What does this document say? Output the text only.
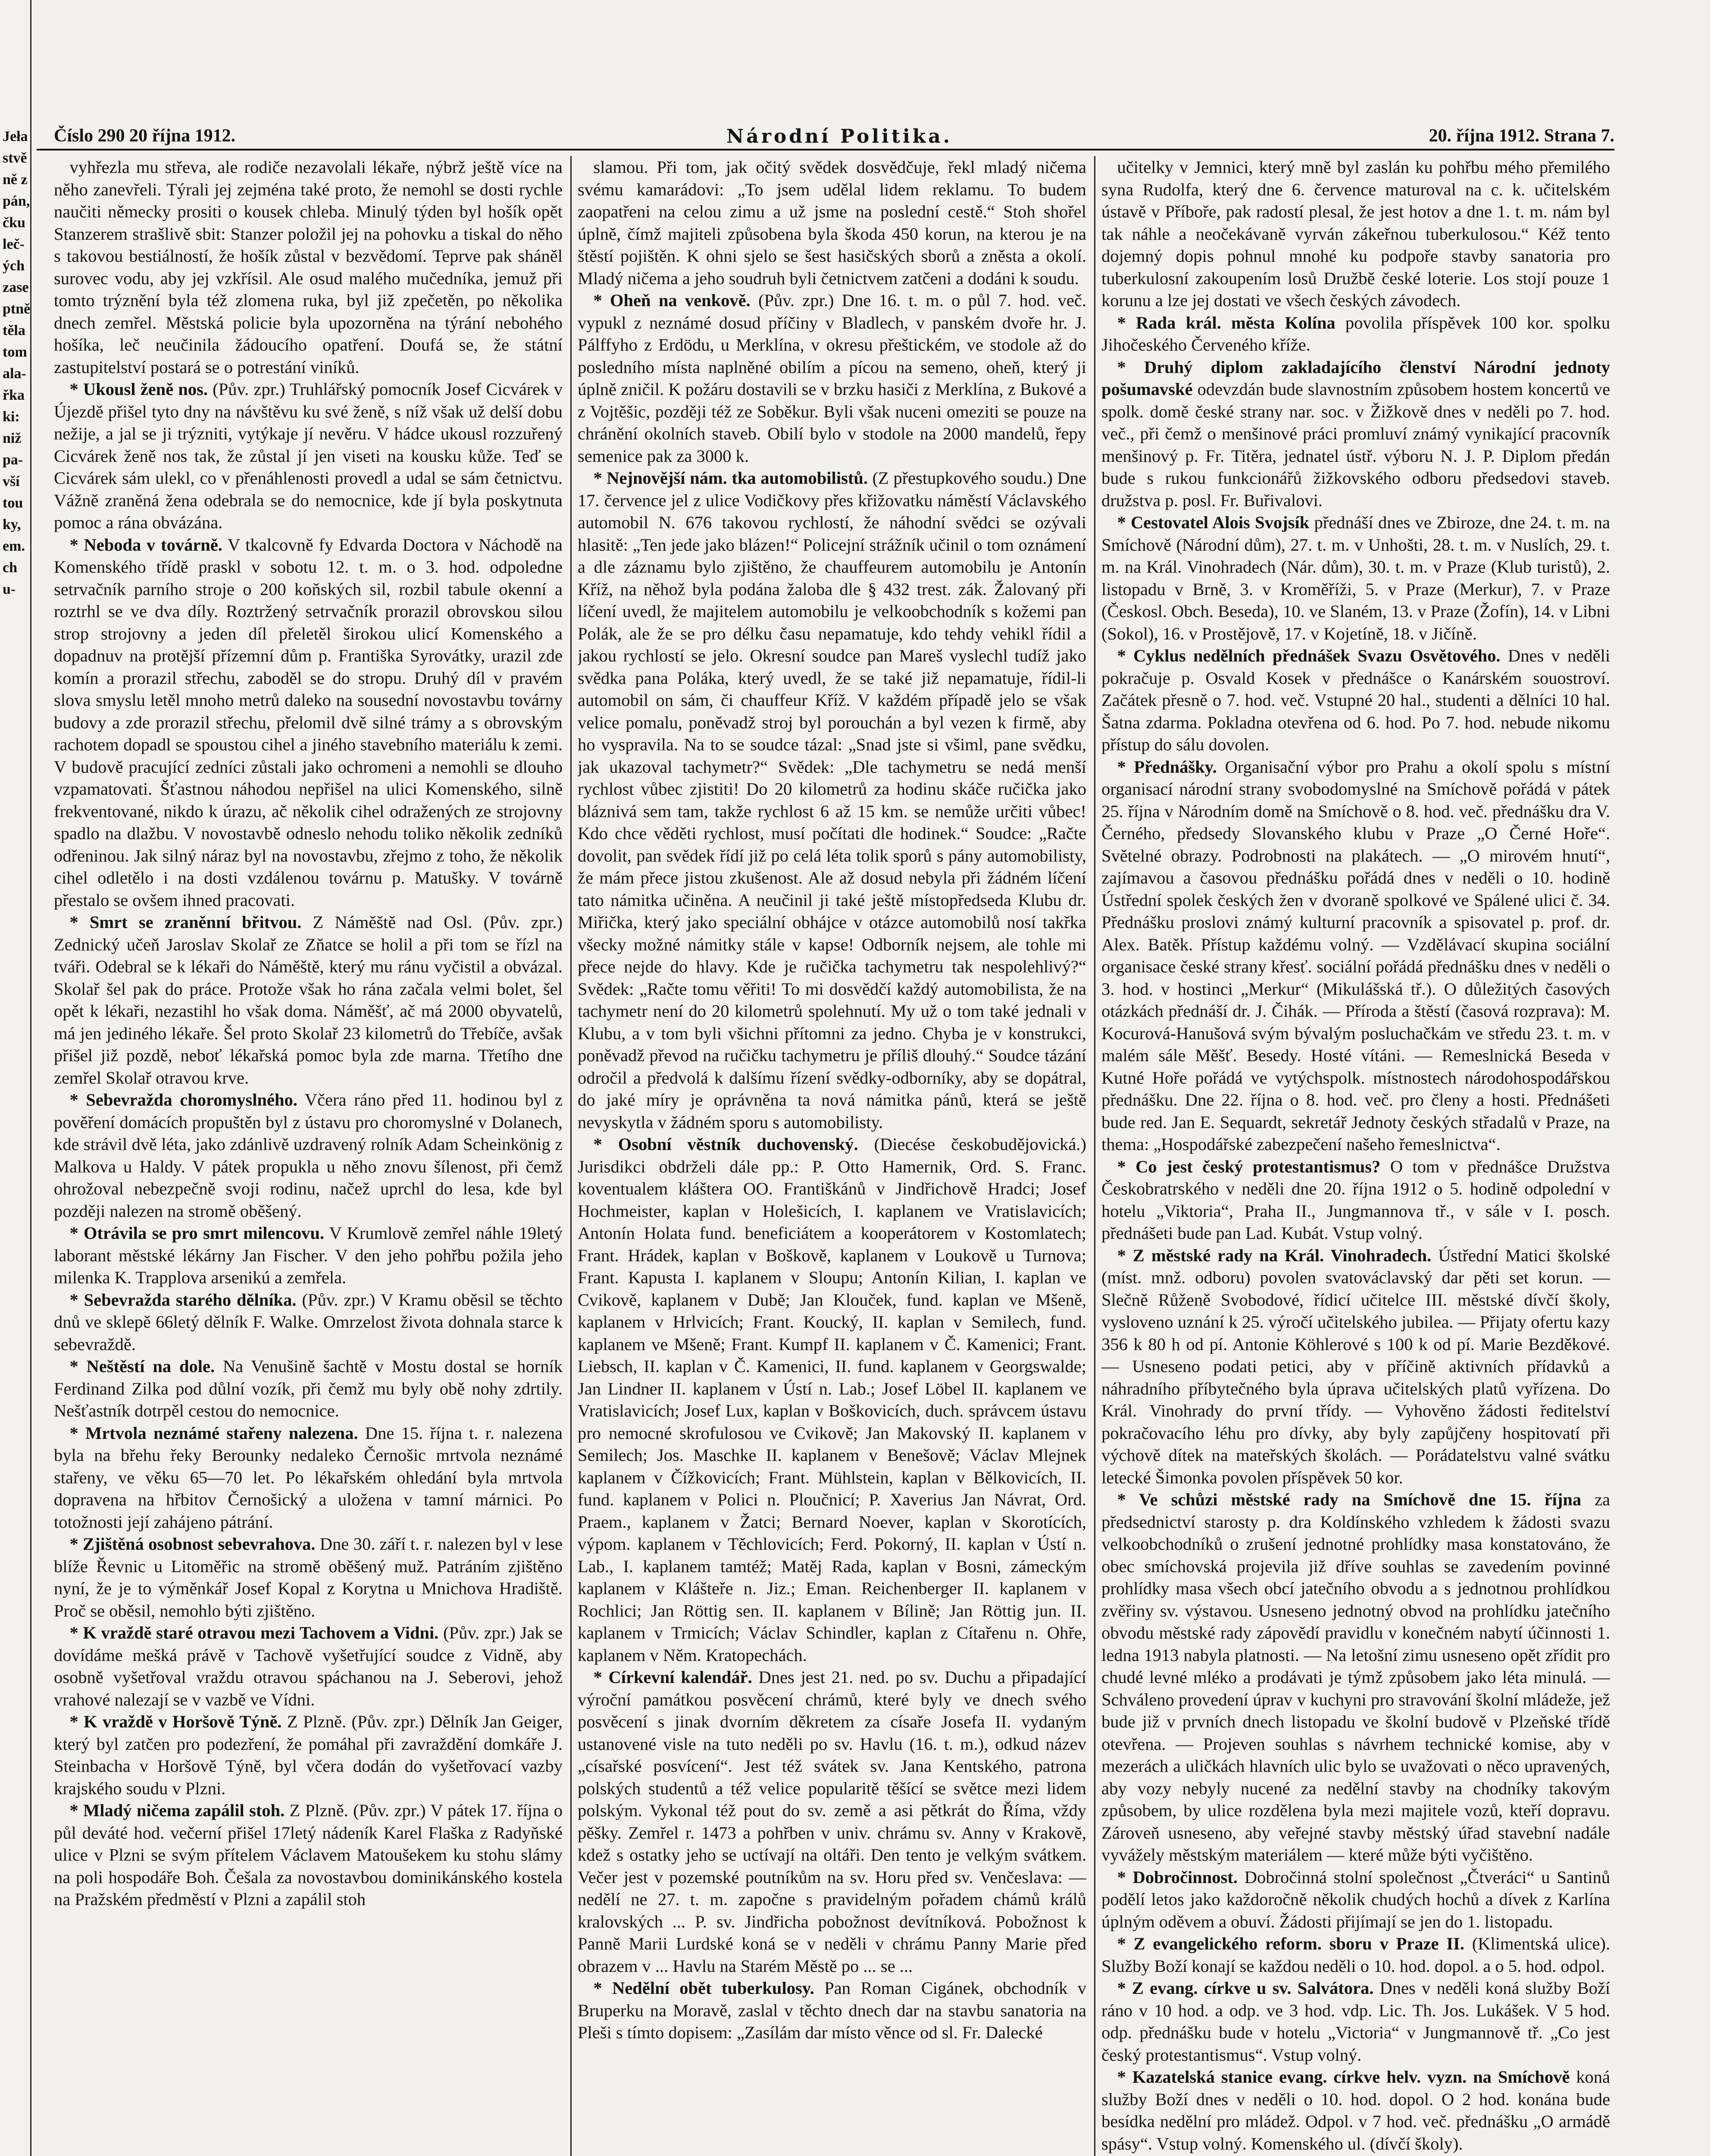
Jeła
stvě
ně z
pán,
čku
leč-
ých
zase
ptně
těla
tom
ala-
řka
ki:
niž
pa-
vší
tou
ky,
em.
ch
u-
Číslo 290 20 října 1912.	Národní Politika.	20. října 1912. Strana 7.

vyhřezla mu střeva, ale rodiče nezavolali lékaře, nýbrž ještě více na něho zanevřeli. Týrali jej zejména také proto, že nemohl se dosti rychle naučiti německy prositi o kousek chleba. Minulý týden byl hošík opět Stanzerem strašlivě sbit: Stanzer položil jej na pohovku a tiskal do něho s takovou bestiálností, že hošík zůstal v bezvědomí. Teprve pak sháněl surovec vodu, aby jej vzkřísil. Ale osud malého mučedníka, jemuž při tomto trýznění byla též zlomena ruka, byl již zpečetěn, po několika dnech zemřel. Městská policie byla upozorněna na týrání nebohého hošíka, leč neučinila žádoucího opatření. Doufá se, že státní zastupitelství postará se o potrestání viníků.

* Ukousl ženě nos. (Pův. zpr.) Truhlářský pomocník Josef Cicvárek v Újezdě přišel tyto dny na návštěvu ku své ženě, s níž však už delší dobu nežije, a jal se ji trýzniti, vytýkaje jí nevěru. V hádce ukousl rozzuřený Cicvárek ženě nos tak, že zůstal jí jen viseti na kousku kůže. Teď se Cicvárek sám ulekl, co v přenáhlenosti provedl a udal se sám četnictvu. Vážně zraněná žena odebrala se do nemocnice, kde jí byla poskytnuta pomoc a rána obvázána.

* Neboda v továrně. V tkalcovně fy Edvarda Doctora v Náchodě na Komenského třídě praskl v sobotu 12. t. m. o 3. hod. odpoledne setrvačník parního stroje o 200 koňských sil, rozbil tabule okenní a roztrhl se ve dva díly. Roztržený setrvačník prorazil obrovskou silou strop strojovny a jeden díl přeletěl širokou ulicí Komenského a dopadnuv na protější přízemní dům p. Františka Syrovátky, urazil zde komín a prorazil střechu, zaboděl se do stropu. Druhý díl v pravém slova smyslu letěl mnoho metrů daleko na sousední novostavbu továrny budovy a zde prorazil střechu, přelomil dvě silné trámy a s obrovským rachotem dopadl se spoustou cihel a jiného stavebního materiálu k zemi. V budově pracující zedníci zůstali jako ochromeni a nemohli se dlouho vzpamatovati. Šťastnou náhodou nepřišel na ulici Komenského, silně frekventované, nikdo k úrazu, ač několik cihel odražených ze strojovny spadlo na dlažbu. V novostavbě odneslo nehodu toliko několik zedníků odřeninou. Jak silný náraz byl na novostavbu, zřejmo z toho, že několik cihel odletělo i na dosti vzdálenou továrnu p. Matušky. V továrně přestalo se ovšem ihned pracovati.

* Smrt se zraněnní břitvou. Z Náměště nad Osl. (Pův. zpr.) Zednický učeň Jaroslav Skolař ze Zňatce se holil a při tom se řízl na tváři. Odebral se k lékaři do Náměště, který mu ránu vyčistil a obvázal. Skolař šel pak do práce. Protože však ho rána začala velmi bolet, šel opět k lékaři, nezastihl ho však doma. Náměšť, ač má 2000 obyvatelů, má jen jediného lékaře. Šel proto Skolař 23 kilometrů do Třebíče, avšak přišel již pozdě, neboť lékařská pomoc byla zde marna. Třetího dne zemřel Skolař otravou krve.

* Sebevražda choromyslného. Včera ráno před 11. hodinou byl z pověření domácích propuštěn byl z ústavu pro choromyslné v Dolanech, kde strávil dvě léta, jako zdánlivě uzdravený rolník Adam Scheinkönig z Malkova u Haldy. V pátek propukla u něho znovu šílenost, při čemž ohrožoval nebezpečně svoji rodinu, načež uprchl do lesa, kde byl později nalezen na stromě oběšený.

* Otrávila se pro smrt milencovu. V Krumlově zemřel náhle 19letý laborant městské lékárny Jan Fischer. V den jeho pohřbu požila jeho milenka K. Trapplova arsenikú a zemřela.

* Sebevražda starého dělníka. (Pův. zpr.) V Kramu oběsil se těchto dnů ve sklepě 66letý dělník F. Walke. Omrzelost života dohnala starce k sebevraždě.

* Neštěstí na dole. Na Venušině šachtě v Mostu dostal se horník Ferdinand Zilka pod důlní vozík, při čemž mu byly obě nohy zdrtily. Nešťastník dotrpěl cestou do nemocnice.

* Mrtvola neznámé stařeny nalezena. Dne 15. října t. r. nalezena byla na břehu řeky Berounky nedaleko Černošic mrtvola neznámé stařeny, ve věku 65—70 let. Po lékařském ohledání byla mrtvola dopravena na hřbitov Černošický a uložena v tamní márnici. Po totožnosti její zahájeno pátrání.

* Zjištěná osobnost sebevrahova. Dne 30. září t. r. nalezen byl v lese blíže Řevnic u Litoměřic na stromě oběšený muž. Patráním zjištěno nyní, že je to výměnkář Josef Kopal z Korytna u Mnichova Hradiště. Proč se oběsil, nemohlo býti zjištěno.

* K vraždě staré otravou mezi Tachovem a Vidni. (Pův. zpr.) Jak se dovídáme mešká právě v Tachově vyšetřující soudce z Vidně, aby osobně vyšetřoval vraždu otravou spáchanou na J. Seberovi, jehož vrahové nalezají se v vazbě ve Vídni.

* K vraždě v Horšově Týně. Z Plzně. (Pův. zpr.) Dělník Jan Geiger, který byl zatčen pro podezření, že pomáhal při zavraždění domkáře J. Steinbacha v Horšově Týně, byl včera dodán do vyšetřovací vazby krajského soudu v Plzni.

* Mladý ničema zapálil stoh. Z Plzně. (Pův. zpr.) V pátek 17. října o půl deváté hod. večerní přišel 17letý nádeník Karel Flaška z Radyňské ulice v Plzni se svým přítelem Václavem Matoušekem ku stohu slámy na poli hospodáře Boh. Češala za novostavbou dominikánského kostela na Pražském předměstí v Plzni a zapálil stoh

slamou. Při tom, jak očitý svědek dosvědčuje, řekl mladý ničema svému kamarádovi: „To jsem udělal lidem reklamu. To budem zaopatřeni na celou zimu a už jsme na poslední cestě.“ Stoh shořel úplně, čímž majiteli způsobena byla škoda 450 korun, na kterou je na štěstí pojištěn. K ohni sjelo se šest hasičských sborů a zněsta a okolí. Mladý ničema a jeho soudruh byli četnictvem zatčeni a dodáni k soudu.

* Oheň na venkově. (Pův. zpr.) Dne 16. t. m. o půl 7. hod. več. vypukl z neznámé dosud příčiny v Bladlech, v panském dvoře hr. J. Pálffyho z Erdödu, u Merklína, v okresu přeštickém, ve stodole až do posledního místa naplněné obilím a pícou na semeno, oheň, který ji úplně zničil. K požáru dostavili se v brzku hasiči z Merklína, z Bukové a z Vojtěšic, později též ze Soběkur. Byli však nuceni omeziti se pouze na chránění okolních staveb. Obilí bylo v stodole na 2000 mandelů, řepy semenice pak za 3000 k.

* Nejnovější nám. tka automobilistů. (Z přestupkového soudu.) Dne 17. července jel z ulice Vodičkovy přes křižovatku náměstí Václavského automobil N. 676 takovou rychlostí, že náhodní svědci se ozývali hlasitě: „Ten jede jako blázen!“ Policejní strážník učinil o tom oznámení a dle záznamu bylo zjištěno, že chauffeurem automobilu je Antonín Kříž, na něhož byla podána žaloba dle § 432 trest. zák. Žalovaný při líčení uvedl, že majitelem automobilu je velkoobchodník s kožemi pan Polák, ale že se pro délku času nepamatuje, kdo tehdy vehikl řídil a jakou rychlostí se jelo. Okresní soudce pan Mareš vyslechl tudíž jako svědka pana Poláka, který uvedl, že se také již nepamatuje, řídil-li automobil on sám, či chauffeur Kříž. V každém případě jelo se však velice pomalu, poněvadž stroj byl porouchán a byl vezen k firmě, aby ho vyspravila. Na to se soudce tázal: „Snad jste si všiml, pane svědku, jak ukazoval tachymetr?“ Svědek: „Dle tachymetru se nedá menší rychlost vůbec zjistiti! Do 20 kilometrů za hodinu skáče ručička jako bláznivá sem tam, takže rychlost 6 až 15 km. se nemůže určiti vůbec! Kdo chce věděti rychlost, musí počítati dle hodinek.“ Soudce: „Račte dovolit, pan svědek řídí již po celá léta tolik sporů s pány automobilisty, že mám přece jistou zkušenost. Ale až dosud nebyla při žádném líčení tato námitka učiněna. A neučinil ji také ještě místopředseda Klubu dr. Miřička, který jako speciální obhájce v otázce automobilů nosí takřka všecky možné námitky stále v kapse! Odborník nejsem, ale tohle mi přece nejde do hlavy. Kde je ručička tachymetru tak nespolehlivý?“ Svědek: „Račte tomu věřiti! To mi dosvědčí každý automobilista, že na tachymetr není do 20 kilometrů spolehnutí. My už o tom také jednali v Klubu, a v tom byli všichni přítomni za jedno. Chyba je v konstrukci, poněvadž převod na ručičku tachymetru je příliš dlouhý.“ Soudce tázání odročil a předvolá k dalšímu řízení svědky-odborníky, aby se dopátral, do jaké míry je oprávněna ta nová námitka pánů, která se ještě nevyskytla v žádném sporu s automobilisty.

* Osobní věstník duchovenský. (Diecése českobudějovická.) Jurisdikci obdrželi dále pp.: P. Otto Hamernik, Ord. S. Franc. koventualem kláštera OO. Františkánů v Jindřichově Hradci; Josef Hochmeister, kaplan v Holešicích, I. kaplanem ve Vratislavicích; Antonín Holata fund. beneficiátem a kooperátorem v Kostomlatech; Frant. Hrádek, kaplan v Boškově, kaplanem v Loukově u Turnova; Frant. Kapusta I. kaplanem v Sloupu; Antonín Kilian, I. kaplan ve Cvikově, kaplanem v Dubě; Jan Klouček, fund. kaplan ve Mšeně, kaplanem v Hrlvicích; Frant. Koucký, II. kaplan v Semilech, fund. kaplanem ve Mšeně; Frant. Kumpf II. kaplanem v Č. Kamenici; Frant. Liebsch, II. kaplan v Č. Kamenici, II. fund. kaplanem v Georgswalde; Jan Lindner II. kaplanem v Ústí n. Lab.; Josef Löbel II. kaplanem ve Vratislavicích; Josef Lux, kaplan v Boškovicích, duch. správcem ústavu pro nemocné skrofulosou ve Cvikově; Jan Makovský II. kaplanem v Semilech; Jos. Maschke II. kaplanem v Benešově; Václav Mlejnek kaplanem v Čížkovicích; Frant. Mühlstein, kaplan v Bělkovicích, II. fund. kaplanem v Polici n. Ploučnicí; P. Xaverius Jan Návrat, Ord. Praem., kaplanem v Žatci; Bernard Noever, kaplan v Skorotících, výpom. kaplanem v Těchlovicích; Ferd. Pokorný, II. kaplan v Ústí n. Lab., I. kaplanem tamtéž; Matěj Rada, kaplan v Bosni, zámeckým kaplanem v Klášteře n. Jiz.; Eman. Reichenberger II. kaplanem v Rochlici; Jan Röttig sen. II. kaplanem v Bílině; Jan Röttig jun. II. kaplanem v Trmicích; Václav Schindler, kaplan z Cítařenu n. Ohře, kaplanem v Něm. Kratopechách.

* Církevní kalendář. Dnes jest 21. ned. po sv. Duchu a připadající výroční památkou posvěcení chrámů, které byly ve dnech svého posvěcení s jinak dvorním děkretem za císaře Josefa II. vydaným ustanovené visle na tuto neděli po sv. Havlu (16. t. m.), odkud název „císařské posvícení“. Jest též svátek sv. Jana Kentského, patrona polských studentů a též velice popularitě těšící se světce mezi lidem polským. Vykonal též pout do sv. země a asi pětkrát do Říma, vždy pěšky. Zemřel r. 1473 a pohřben v univ. chrámu sv. Anny v Krakově, kdež s ostatky jeho se uctívají na oltáři. Den tento je velkým svátkem. Večer jest v pozemské poutníkům na sv. Horu před sv. Venčeslava: — nedělí ne 27. t. m. započne s pravidelným pořadem chámů králů kralovských ... P. sv. Jindřicha pobožnost devítníková. Pobožnost k Panně Marii Lurdské koná se v neděli v chrámu Panny Marie před obrazem v ... Havlu na Starém Městě po ... se ...

* Nedělní obět tuberkulosy. Pan Roman Cigánek, obchodník v Bruperku na Moravě, zaslal v těchto dnech dar na stavbu sanatoria na Pleši s tímto dopisem: „Zasílám dar místo věnce od sl. Fr. Dalecké

učitelky v Jemnici, který mně byl zaslán ku pohřbu mého přemilého syna Rudolfa, který dne 6. července maturoval na c. k. učitelském ústavě v Příboře, pak radostí plesal, že jest hotov a dne 1. t. m. nám byl tak náhle a neočekávaně vyrván zákeřnou tuberkulosou.“ Kéž tento dojemný dopis pohnul mnohé ku podpoře stavby sanatoria pro tuberkulosní zakoupením losů Družbě české loterie. Los stojí pouze 1 korunu a lze jej dostati ve všech českých závodech.

* Rada král. města Kolína povolila příspěvek 100 kor. spolku Jihočeského Červeného kříže.

* Druhý diplom zakladajícího členství Národní jednoty pošumavské odevzdán bude slavnostním způsobem hostem koncertů ve spolk. domě české strany nar. soc. v Žižkově dnes v neděli po 7. hod. več., při čemž o menšinové práci promluví známý vynikající pracovník menšinový p. Fr. Titěra, jednatel ústř. výboru N. J. P. Diplom předán bude s rukou funkcionářů žižkovského odboru předsedovi staveb. družstva p. posl. Fr. Buřivalovi.

* Cestovatel Alois Svojsík přednáší dnes ve Zbiroze, dne 24. t. m. na Smíchově (Národní dům), 27. t. m. v Unhošti, 28. t. m. v Nuslích, 29. t. m. na Král. Vinohradech (Nár. dům), 30. t. m. v Praze (Klub turistů), 2. listopadu v Brně, 3. v Kroměříži, 5. v Praze (Merkur), 7. v Praze (Českosl. Obch. Beseda), 10. ve Slaném, 13. v Praze (Žofín), 14. v Libni (Sokol), 16. v Prostějově, 17. v Kojetíně, 18. v Jičíně.

* Cyklus nedělních přednášek Svazu Osvětového. Dnes v neděli pokračuje p. Osvald Kosek v přednášce o Kanárském souostroví. Začátek přesně o 7. hod. več. Vstupné 20 hal., studenti a dělníci 10 hal. Šatna zdarma. Pokladna otevřena od 6. hod. Po 7. hod. nebude nikomu přístup do sálu dovolen.

* Přednášky. Organisační výbor pro Prahu a okolí spolu s místní organisací národní strany svobodomyslné na Smíchově pořádá v pátek 25. října v Národním domě na Smíchově o 8. hod. več. přednášku dra V. Černého, předsedy Slovanského klubu v Praze „O Černé Hoře“. Světelné obrazy. Podrobnosti na plakátech. — „O mirovém hnutí“, zajímavou a časovou přednášku pořádá dnes v neděli o 10. hodině Ústřední spolek českých žen v dvoraně spolkové ve Spálené ulici č. 34. Přednášku proslovi známý kulturní pracovník a spisovatel p. prof. dr. Alex. Batěk. Přístup každému volný. — Vzdělávací skupina sociální organisace české strany křesť. sociální pořádá přednášku dnes v neděli o 3. hod. v hostinci „Merkur“ (Mikulášská tř.). O důležitých časových otázkách přednáší dr. J. Čihák. — Příroda a štěstí (časová rozprava): M. Kocurová-Hanušová svým bývalým posluchačkám ve středu 23. t. m. v malém sále Měšť. Besedy. Hosté vítáni. — Remeslnická Beseda v Kutné Hoře pořádá ve vytýchspolk. místnostech národohospodářskou přednášku. Dne 22. října o 8. hod. več. pro členy a hosti. Přednášeti bude red. Jan E. Sequardt, sekretář Jednoty českých střadalů v Praze, na thema: „Hospodářské zabezpečení našeho řemeslnictva“.

* Co jest český protestantismus? O tom v přednášce Družstva Českobratrského v neděli dne 20. října 1912 o 5. hodině odpolední v hotelu „Viktoria“, Praha II., Jungmannova tř., v sále v I. posch. přednášeti bude pan Lad. Kubát. Vstup volný.

* Z městské rady na Král. Vinohradech. Ústřední Matici školské (míst. mnž. odboru) povolen svatováclavský dar pěti set korun. — Slečně Růženě Svobodové, řídicí učitelce III. městské dívčí školy, vysloveno uznání k 25. výročí učitelského jubilea. — Přijaty ofertu kazy 356 k 80 h od pí. Antonie Köhlerové s 100 k od pí. Marie Bezděkové. — Usneseno podati petici, aby v příčině aktivních přídavků a náhradního příbytečného byla úprava učitelských platů vyřízena. Do Král. Vinohrady do první třídy. — Vyhověno žádosti ředitelství pokračovacího léhu pro dívky, aby byly zapůjčeny hospitovatí při výchově dítek na mateřských školách. — Porádatelstvu valné svátku letecké Šimonka povolen příspěvek 50 kor.

* Ve schůzi městské rady na Smíchově dne 15. října za předsednictví starosty p. dra Koldínského vzhledem k žádosti svazu velkoobchodníků o zrušení jednotné prohlídky masa konstatováno, že obec smíchovská projevila již dříve souhlas se zavedením povinné prohlídky masa všech obcí jatečního obvodu a s jednotnou prohlídkou zvěřiny sv. výstavou. Usneseno jednotný obvod na prohlídku jatečního obvodu městské rady zápovědí pravidlu v konečném nabytí účinnosti 1. ledna 1913 nabyla platnosti. — Na letošní zimu usneseno opět zřídit pro chudé levné mléko a prodávati je týmž způsobem jako léta minulá. — Schváleno provedení úprav v kuchyni pro stravování školní mládeže, jež bude již v prvních dnech listopadu ve školní budově v Plzeňské třídě otevřena. — Projeven souhlas s návrhem technické komise, aby v mezerách a uličkách hlavních ulic bylo se uvažovati o něco upravených, aby vozy nebyly nucené za nedělní stavby na chodníky takovým způsobem, by ulice rozdělena byla mezi majitele vozů, kteří dopravu. Zároveň usneseno, aby veřejné stavby městský úřad stavební nadále vyvážely městským materiálem — které může býti vyčištěno.

* Dobročinnost. Dobročinná stolní společnost „Čtveráci“ u Santinů podělí letos jako každoročně několik chudých hochů a dívek z Karlína úplným oděvem a obuví. Žádosti přijímají se jen do 1. listopadu.

* Z evangelického reform. sboru v Praze II. (Klimentská ulice). Služby Boží konají se každou neděli o 10. hod. dopol. a o 5. hod. odpol.

* Z evang. církve u sv. Salvátora. Dnes v neděli koná služby Boží ráno v 10 hod. a odp. ve 3 hod. vdp. Lic. Th. Jos. Lukášek. V 5 hod. odp. přednášku bude v hotelu „Victoria“ v Jungmannově tř. „Co jest český protestantismus“. Vstup volný.

* Kazatelská stanice evang. církve helv. vyzn. na Smíchově koná služby Boží dnes v neděli o 10. hod. dopol. O 2 hod. konána bude besídka nedělní pro mládež. Odpol. v 7 hod. več. přednášku „O armádě spásy“. Vstup volný. Komenského ul. (dívčí školy).
